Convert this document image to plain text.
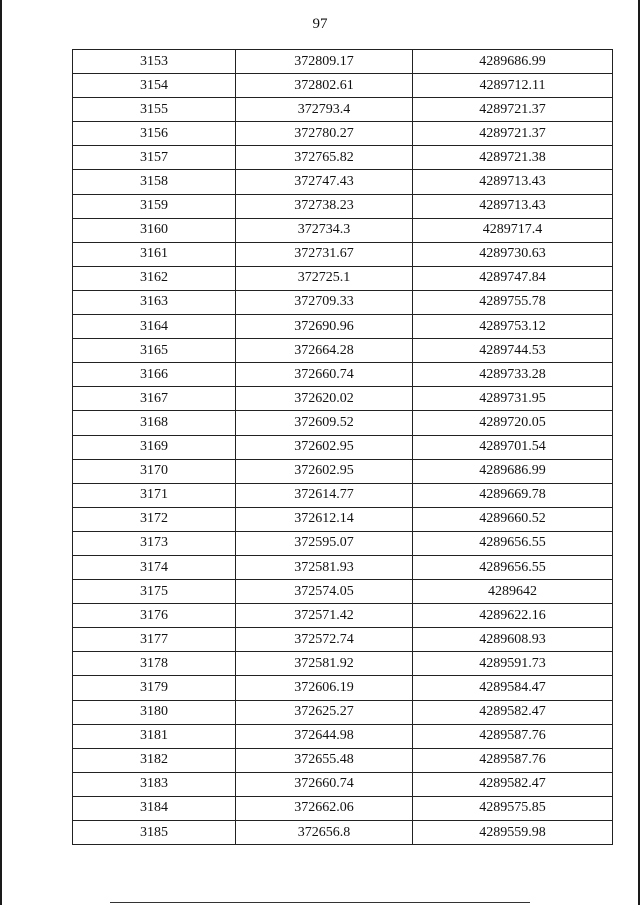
97
3153	372809.17	4289686.99
3154	372802.61	4289712.11
3155	372793.4	4289721.37
3156	372780.27	4289721.37
3157	372765.82	4289721.38
3158	372747.43	4289713.43
3159	372738.23	4289713.43
3160	372734.3	4289717.4
3161	372731.67	4289730.63
3162	372725.1	4289747.84
3163	372709.33	4289755.78
3164	372690.96	4289753.12
3165	372664.28	4289744.53
3166	372660.74	4289733.28
3167	372620.02	4289731.95
3168	372609.52	4289720.05
3169	372602.95	4289701.54
3170	372602.95	4289686.99
3171	372614.77	4289669.78
3172	372612.14	4289660.52
3173	372595.07	4289656.55
3174	372581.93	4289656.55
3175	372574.05	4289642
3176	372571.42	4289622.16
3177	372572.74	4289608.93
3178	372581.92	4289591.73
3179	372606.19	4289584.47
3180	372625.27	4289582.47
3181	372644.98	4289587.76
3182	372655.48	4289587.76
3183	372660.74	4289582.47
3184	372662.06	4289575.85
3185	372656.8	4289559.98
